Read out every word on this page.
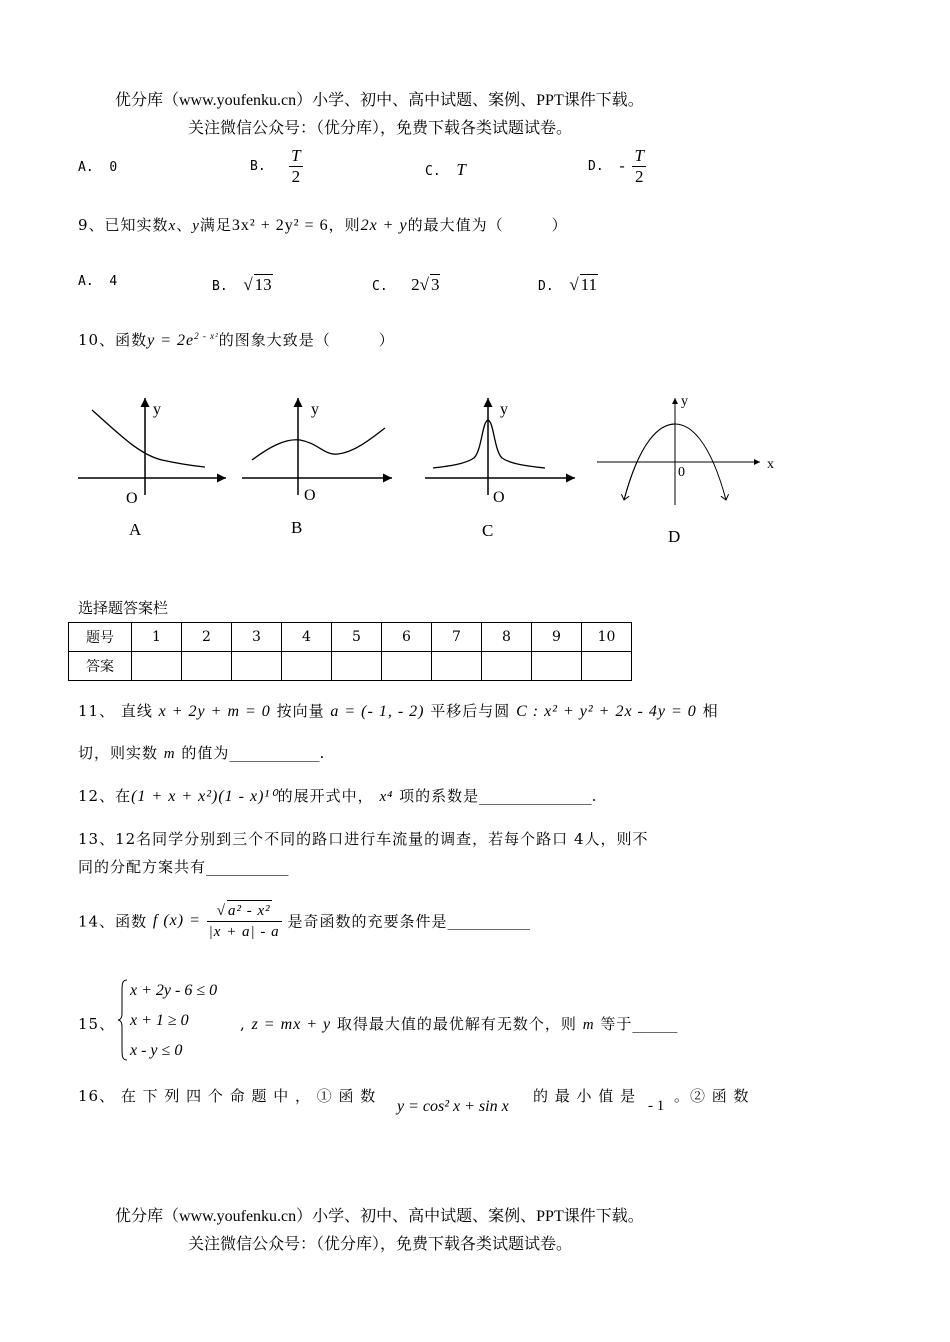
优分库（www.youfenku.cn）小学、初中、高中试题、案例、PPT课件下载。
关注微信公众号：（优分库），免费下载各类试题试卷。
A. 0	B. $\frac{T}{2}$	C. T	D. - $\frac{T}{2}$
9、已知实数x、y满足3x² + 2y² = 6，则2x + y的最大值为（　　　）
A. 4	B. √ 13	C. 2√ 3	D. √ 11
10、函数$y = 2e^{2 - x^2}$的图象大致是（　　　）
y
O
A
y
O
B
y
O
C
y
x
0
D
选择题答案栏
题号	1	2	3	4	5	6	7	8	9	10
答案										
11、 直线 x + 2y + m = 0 按向量 a = (- 1, - 2) 平移后与圆 C : x² + y² + 2x - 4y = 0 相
切，则实数 m 的值为____________.
12、在(1 + x + x²)(1 - x)¹⁰的展开式中， x⁴ 项的系数是_______________.
13、12名同学分别到三个不同的路口进行车流量的调查，若每个路口 4人，则不
同的分配方案共有___________
14、函数 f $(x) = \frac{\text{√ a² - x²}}{|x + a| - a}$ 是奇函数的充要条件是___________
15、
x + 2y - 6 ≤ 0
x + 1 ≥ 0
x - y ≤ 0
, z = mx + y 取得最大值的最优解有无数个，则 m 等于______
16、 在 下 列 四 个 命 题 中 ， ① 函 数
y = cos² x + sin x
的 最 小 值 是
- 1
。② 函 数
优分库（www.youfenku.cn）小学、初中、高中试题、案例、PPT课件下载。
关注微信公众号：（优分库），免费下载各类试题试卷。
